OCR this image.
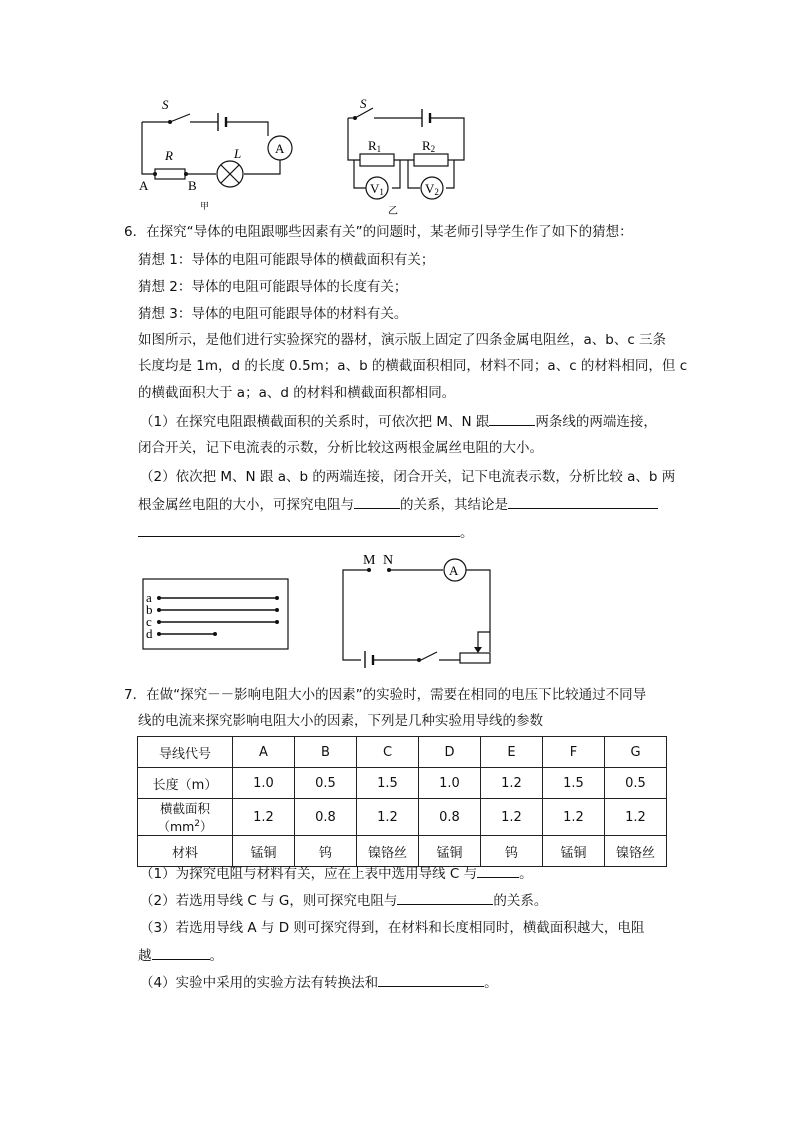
S
R	L	A
A	B
甲
S
R1	R2
V1	V2
乙
6．在探究“导体的电阻跟哪些因素有关”的问题时，某老师引导学生作了如下的猜想：
猜想 1：导体的电阻可能跟导体的横截面积有关；
猜想 2：导体的电阻可能跟导体的长度有关；
猜想 3：导体的电阻可能跟导体的材料有关。
如图所示，是他们进行实验探究的器材，演示版上固定了四条金属电阻丝，a、b、c 三条
长度均是 1m，d 的长度 0.5m；a、b 的横截面积相同，材料不同；a、c 的材料相同，但 c
的横截面积大于 a；a、d 的材料和横截面积都相同。
（1）在探究电阻跟横截面积的关系时，可依次把 M、N 跟	两条线的两端连接，
闭合开关，记下电流表的示数，分析比较这两根金属丝电阻的大小。
（2）依次把 M、N 跟 a、b 的两端连接，闭合开关，记下电流表示数，分析比较 a、b 两
根金属丝电阻的大小，可探究电阻与	的关系，其结论是
。
a
b
c
d
M N
A
7．在做“探究－－影响电阻大小的因素”的实验时，需要在相同的电压下比较通过不同导
线的电流来探究影响电阻大小的因素，下列是几种实验用导线的参数
导线代号	A	B	C	D	E	F	G
长度（m）	1.0	0.5	1.5	1.0	1.2	1.5	0.5
横截面积$(mm^2)$	1.2	0.8	1.2	0.8	1.2	1.2	1.2
材料	锰铜	钨	镍铬丝	锰铜	钨	锰铜	镍铬丝
（1）为探究电阻与材料有关，应在上表中选用导线 C 与	。
（2）若选用导线 C 与 G，则可探究电阻与	的关系。
（3）若选用导线 A 与 D 则可探究得到，在材料和长度相同时，横截面积越大，电阻
越	。
（4）实验中采用的实验方法有转换法和	。
